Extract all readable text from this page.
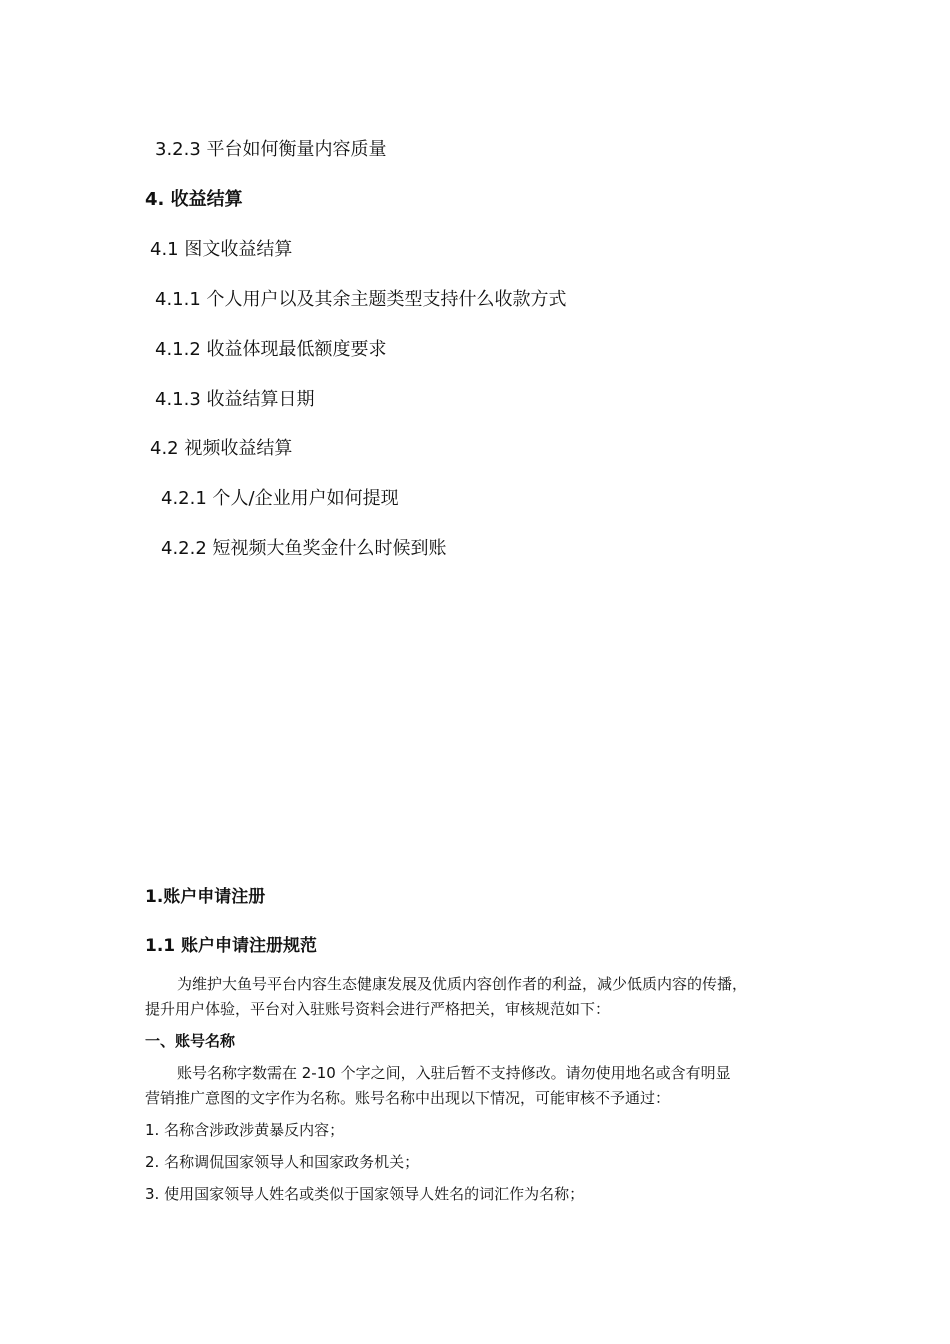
3.2.3 平台如何衡量内容质量
4. 收益结算
4.1 图文收益结算
4.1.1 个人用户以及其余主题类型支持什么收款方式
4.1.2 收益体现最低额度要求
4.1.3 收益结算日期
4.2 视频收益结算
4.2.1 个人/企业用户如何提现
4.2.2 短视频大鱼奖金什么时候到账
1.账户申请注册
1.1 账户申请注册规范
为维护大鱼号平台内容生态健康发展及优质内容创作者的利益，减少低质内容的传播，
提升用户体验，平台对入驻账号资料会进行严格把关，审核规范如下：
一、账号名称
账号名称字数需在 2-10 个字之间，入驻后暂不支持修改。请勿使用地名或含有明显
营销推广意图的文字作为名称。账号名称中出现以下情况，可能审核不予通过：
1. 名称含涉政涉黄暴反内容；
2. 名称调侃国家领导人和国家政务机关；
3. 使用国家领导人姓名或类似于国家领导人姓名的词汇作为名称；
